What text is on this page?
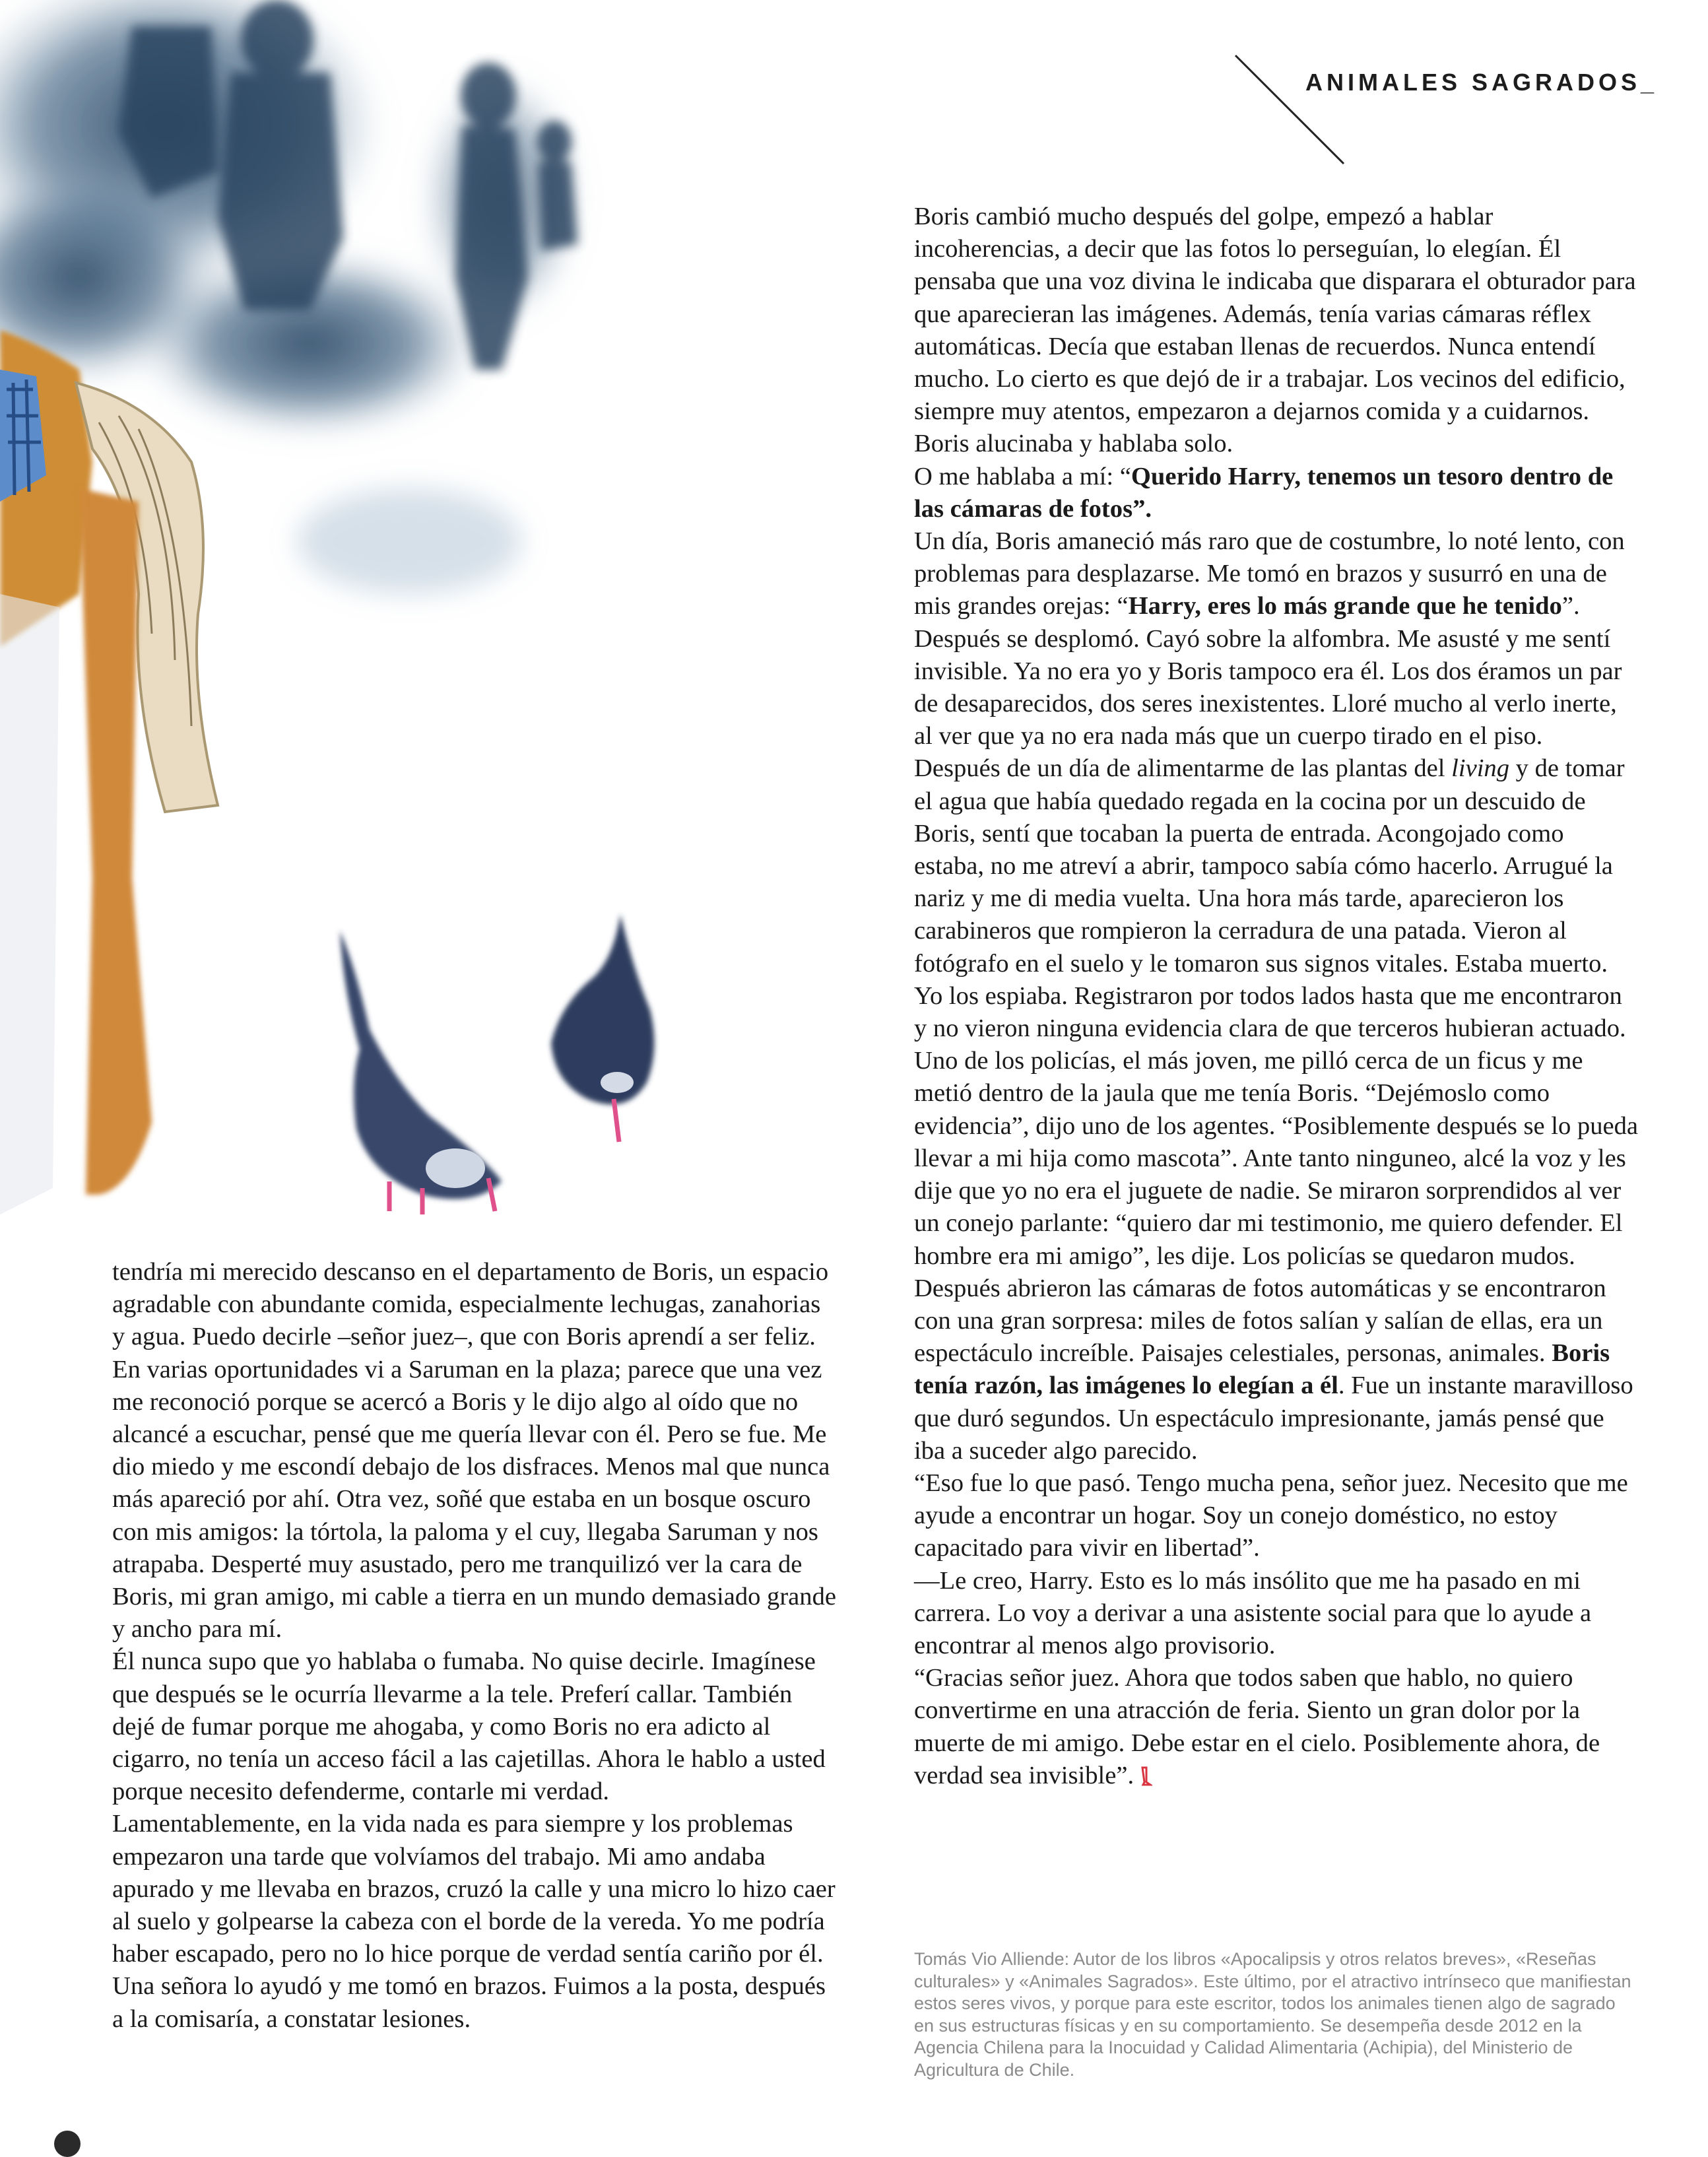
ANIMALES SAGRADOS_

tendría mi merecido descanso en el departamento de Boris, un espacio agradable con abundante comida, especialmente lechugas, zanahorias y agua. Puedo decirle –señor juez–, que con Boris aprendí a ser feliz.

En varias oportunidades vi a Saruman en la plaza; parece que una vez me reconoció porque se acercó a Boris y le dijo algo al oído que no alcancé a escuchar, pensé que me quería llevar con él. Pero se fue. Me dio miedo y me escondí debajo de los disfraces. Menos mal que nunca más apareció por ahí. Otra vez, soñé que estaba en un bosque oscuro con mis amigos: la tórtola, la paloma y el cuy, llegaba Saruman y nos atrapaba. Desperté muy asustado, pero me tranquilizó ver la cara de Boris, mi gran amigo, mi cable a tierra en un mundo demasiado grande y ancho para mí.

Él nunca supo que yo hablaba o fumaba. No quise decirle. Imagínese que después se le ocurría llevarme a la tele. Preferí callar. También dejé de fumar porque me ahogaba, y como Boris no era adicto al cigarro, no tenía un acceso fácil a las cajetillas. Ahora le hablo a usted porque necesito defenderme, contarle mi verdad.

Lamentablemente, en la vida nada es para siempre y los problemas empezaron una tarde que volvíamos del trabajo. Mi amo andaba apurado y me llevaba en brazos, cruzó la calle y una micro lo hizo caer al suelo y golpearse la cabeza con el borde de la vereda. Yo me podría haber escapado, pero no lo hice porque de verdad sentía cariño por él. Una señora lo ayudó y me tomó en brazos. Fuimos a la posta, después a la comisaría, a constatar lesiones.

Boris cambió mucho después del golpe, empezó a hablar incoherencias, a decir que las fotos lo perseguían, lo elegían. Él pensaba que una voz divina le indicaba que disparara el obturador para que aparecieran las imágenes. Además, tenía varias cámaras réflex automáticas. Decía que estaban llenas de recuerdos. Nunca entendí mucho. Lo cierto es que dejó de ir a trabajar. Los vecinos del edificio, siempre muy atentos, empezaron a dejarnos comida y a cuidarnos. Boris alucinaba y hablaba solo.

O me hablaba a mí: “Querido Harry, tenemos un tesoro dentro de las cámaras de fotos”.

Un día, Boris amaneció más raro que de costumbre, lo noté lento, con problemas para desplazarse. Me tomó en brazos y susurró en una de mis grandes orejas: “Harry, eres lo más grande que he tenido”. Después se desplomó. Cayó sobre la alfombra. Me asusté y me sentí invisible. Ya no era yo y Boris tampoco era él. Los dos éramos un par de desaparecidos, dos seres inexistentes. Lloré mucho al verlo inerte, al ver que ya no era nada más que un cuerpo tirado en el piso.

Después de un día de alimentarme de las plantas del living y de tomar el agua que había quedado regada en la cocina por un descuido de Boris, sentí que tocaban la puerta de entrada. Acongojado como estaba, no me atreví a abrir, tampoco sabía cómo hacerlo. Arrugué la nariz y me di media vuelta. Una hora más tarde, aparecieron los carabineros que rompieron la cerradura de una patada. Vieron al fotógrafo en el suelo y le tomaron sus signos vitales. Estaba muerto. Yo los espiaba. Registraron por todos lados hasta que me encontraron y no vieron ninguna evidencia clara de que terceros hubieran actuado. Uno de los policías, el más joven, me pilló cerca de un ficus y me metió dentro de la jaula que me tenía Boris. “Dejémoslo como evidencia”, dijo uno de los agentes. “Posiblemente después se lo pueda llevar a mi hija como mascota”. Ante tanto ninguneo, alcé la voz y les dije que yo no era el juguete de nadie. Se miraron sorprendidos al ver un conejo parlante: “quiero dar mi testimonio, me quiero defender. El hombre era mi amigo”, les dije. Los policías se quedaron mudos. Después abrieron las cámaras de fotos automáticas y se encontraron con una gran sorpresa: miles de fotos salían y salían de ellas, era un espectáculo increíble. Paisajes celestiales, personas, animales. Boris tenía razón, las imágenes lo elegían a él. Fue un instante maravilloso que duró segundos. Un espectáculo impresionante, jamás pensé que iba a suceder algo parecido.

“Eso fue lo que pasó. Tengo mucha pena, señor juez. Necesito que me ayude a encontrar un hogar. Soy un conejo doméstico, no estoy capacitado para vivir en libertad”.

—Le creo, Harry. Esto es lo más insólito que me ha pasado en mi carrera. Lo voy a derivar a una asistente social para que lo ayude a encontrar al menos algo provisorio.

“Gracias señor juez. Ahora que todos saben que hablo, no quiero convertirme en una atracción de feria. Siento un gran dolor por la muerte de mi amigo. Debe estar en el cielo. Posiblemente ahora, de verdad sea invisible”.

Tomás Vio Alliende: Autor de los libros «Apocalipsis y otros relatos breves», «Reseñas culturales» y «Animales Sagrados». Este último, por el atractivo intrínseco que manifiestan estos seres vivos, y porque para este escritor, todos los animales tienen algo de sagrado en sus estructuras físicas y en su comportamiento. Se desempeña desde 2012 en la Agencia Chilena para la Inocuidad y Calidad Alimentaria (Achipia), del Ministerio de Agricultura de Chile.
